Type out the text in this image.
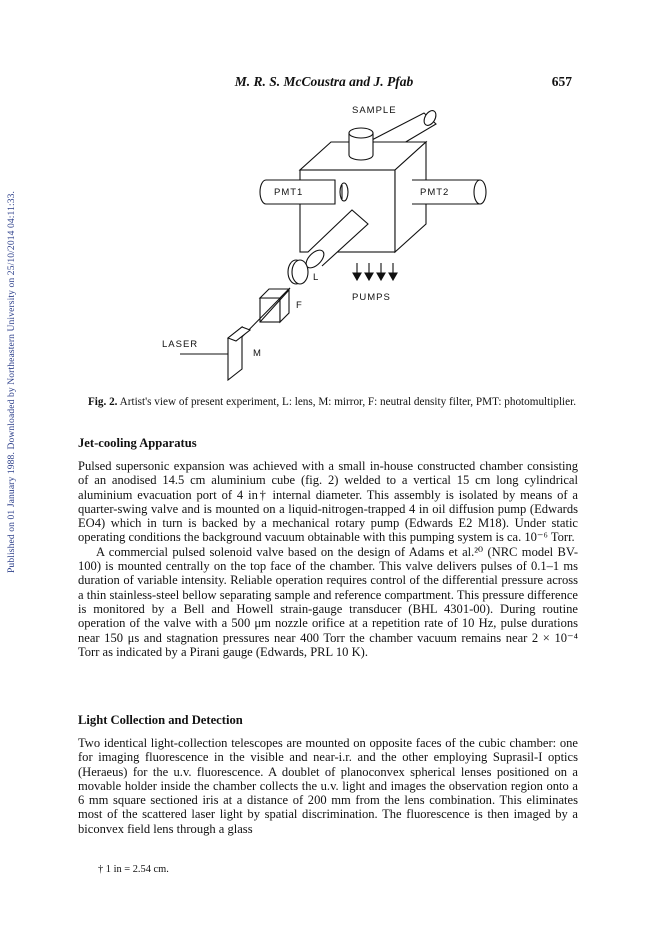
Published on 01 January 1988. Downloaded by Northeastern University on 25/10/2014 04:11:33.
M. R. S. McCoustra and J. Pfab	657
SAMPLE
PMT1	PMT2
PUMPS
LASER
L
F
M
Fig. 2. Artist's view of present experiment, L: lens, M: mirror, F: neutral density filter, PMT: photomultiplier.
Jet-cooling Apparatus

Pulsed supersonic expansion was achieved with a small in-house constructed chamber consisting of an anodised 14.5 cm aluminium cube (fig. 2) welded to a vertical 15 cm long cylindrical aluminium evacuation port of 4 in† internal diameter. This assembly is isolated by means of a quarter-swing valve and is mounted on a liquid-nitrogen-trapped 4 in oil diffusion pump (Edwards EO4) which in turn is backed by a mechanical rotary pump (Edwards E2 M18). Under static operating conditions the background vacuum obtainable with this pumping system is ca. 10⁻⁶ Torr.

A commercial pulsed solenoid valve based on the design of Adams et al.²⁰ (NRC model BV-100) is mounted centrally on the top face of the chamber. This valve delivers pulses of 0.1–1 ms duration of variable intensity. Reliable operation requires control of the differential pressure across a thin stainless-steel bellow separating sample and reference compartment. This pressure difference is monitored by a Bell and Howell strain-gauge transducer (BHL 4301-00). During routine operation of the valve with a 500 μm nozzle orifice at a repetition rate of 10 Hz, pulse durations near 150 μs and stagnation pressures near 400 Torr the chamber vacuum remains near 2 × 10⁻⁴ Torr as indicated by a Pirani gauge (Edwards, PRL 10 K).

Light Collection and Detection

Two identical light-collection telescopes are mounted on opposite faces of the cubic chamber: one for imaging fluorescence in the visible and near-i.r. and the other employing Suprasil-I optics (Heraeus) for the u.v. fluorescence. A doublet of planoconvex spherical lenses positioned on a movable holder inside the chamber collects the u.v. light and images the observation region onto a 6 mm square sectioned iris at a distance of 200 mm from the lens combination. This eliminates most of the scattered laser light by spatial discrimination. The fluorescence is then imaged by a biconvex field lens through a glass

† 1 in = 2.54 cm.
